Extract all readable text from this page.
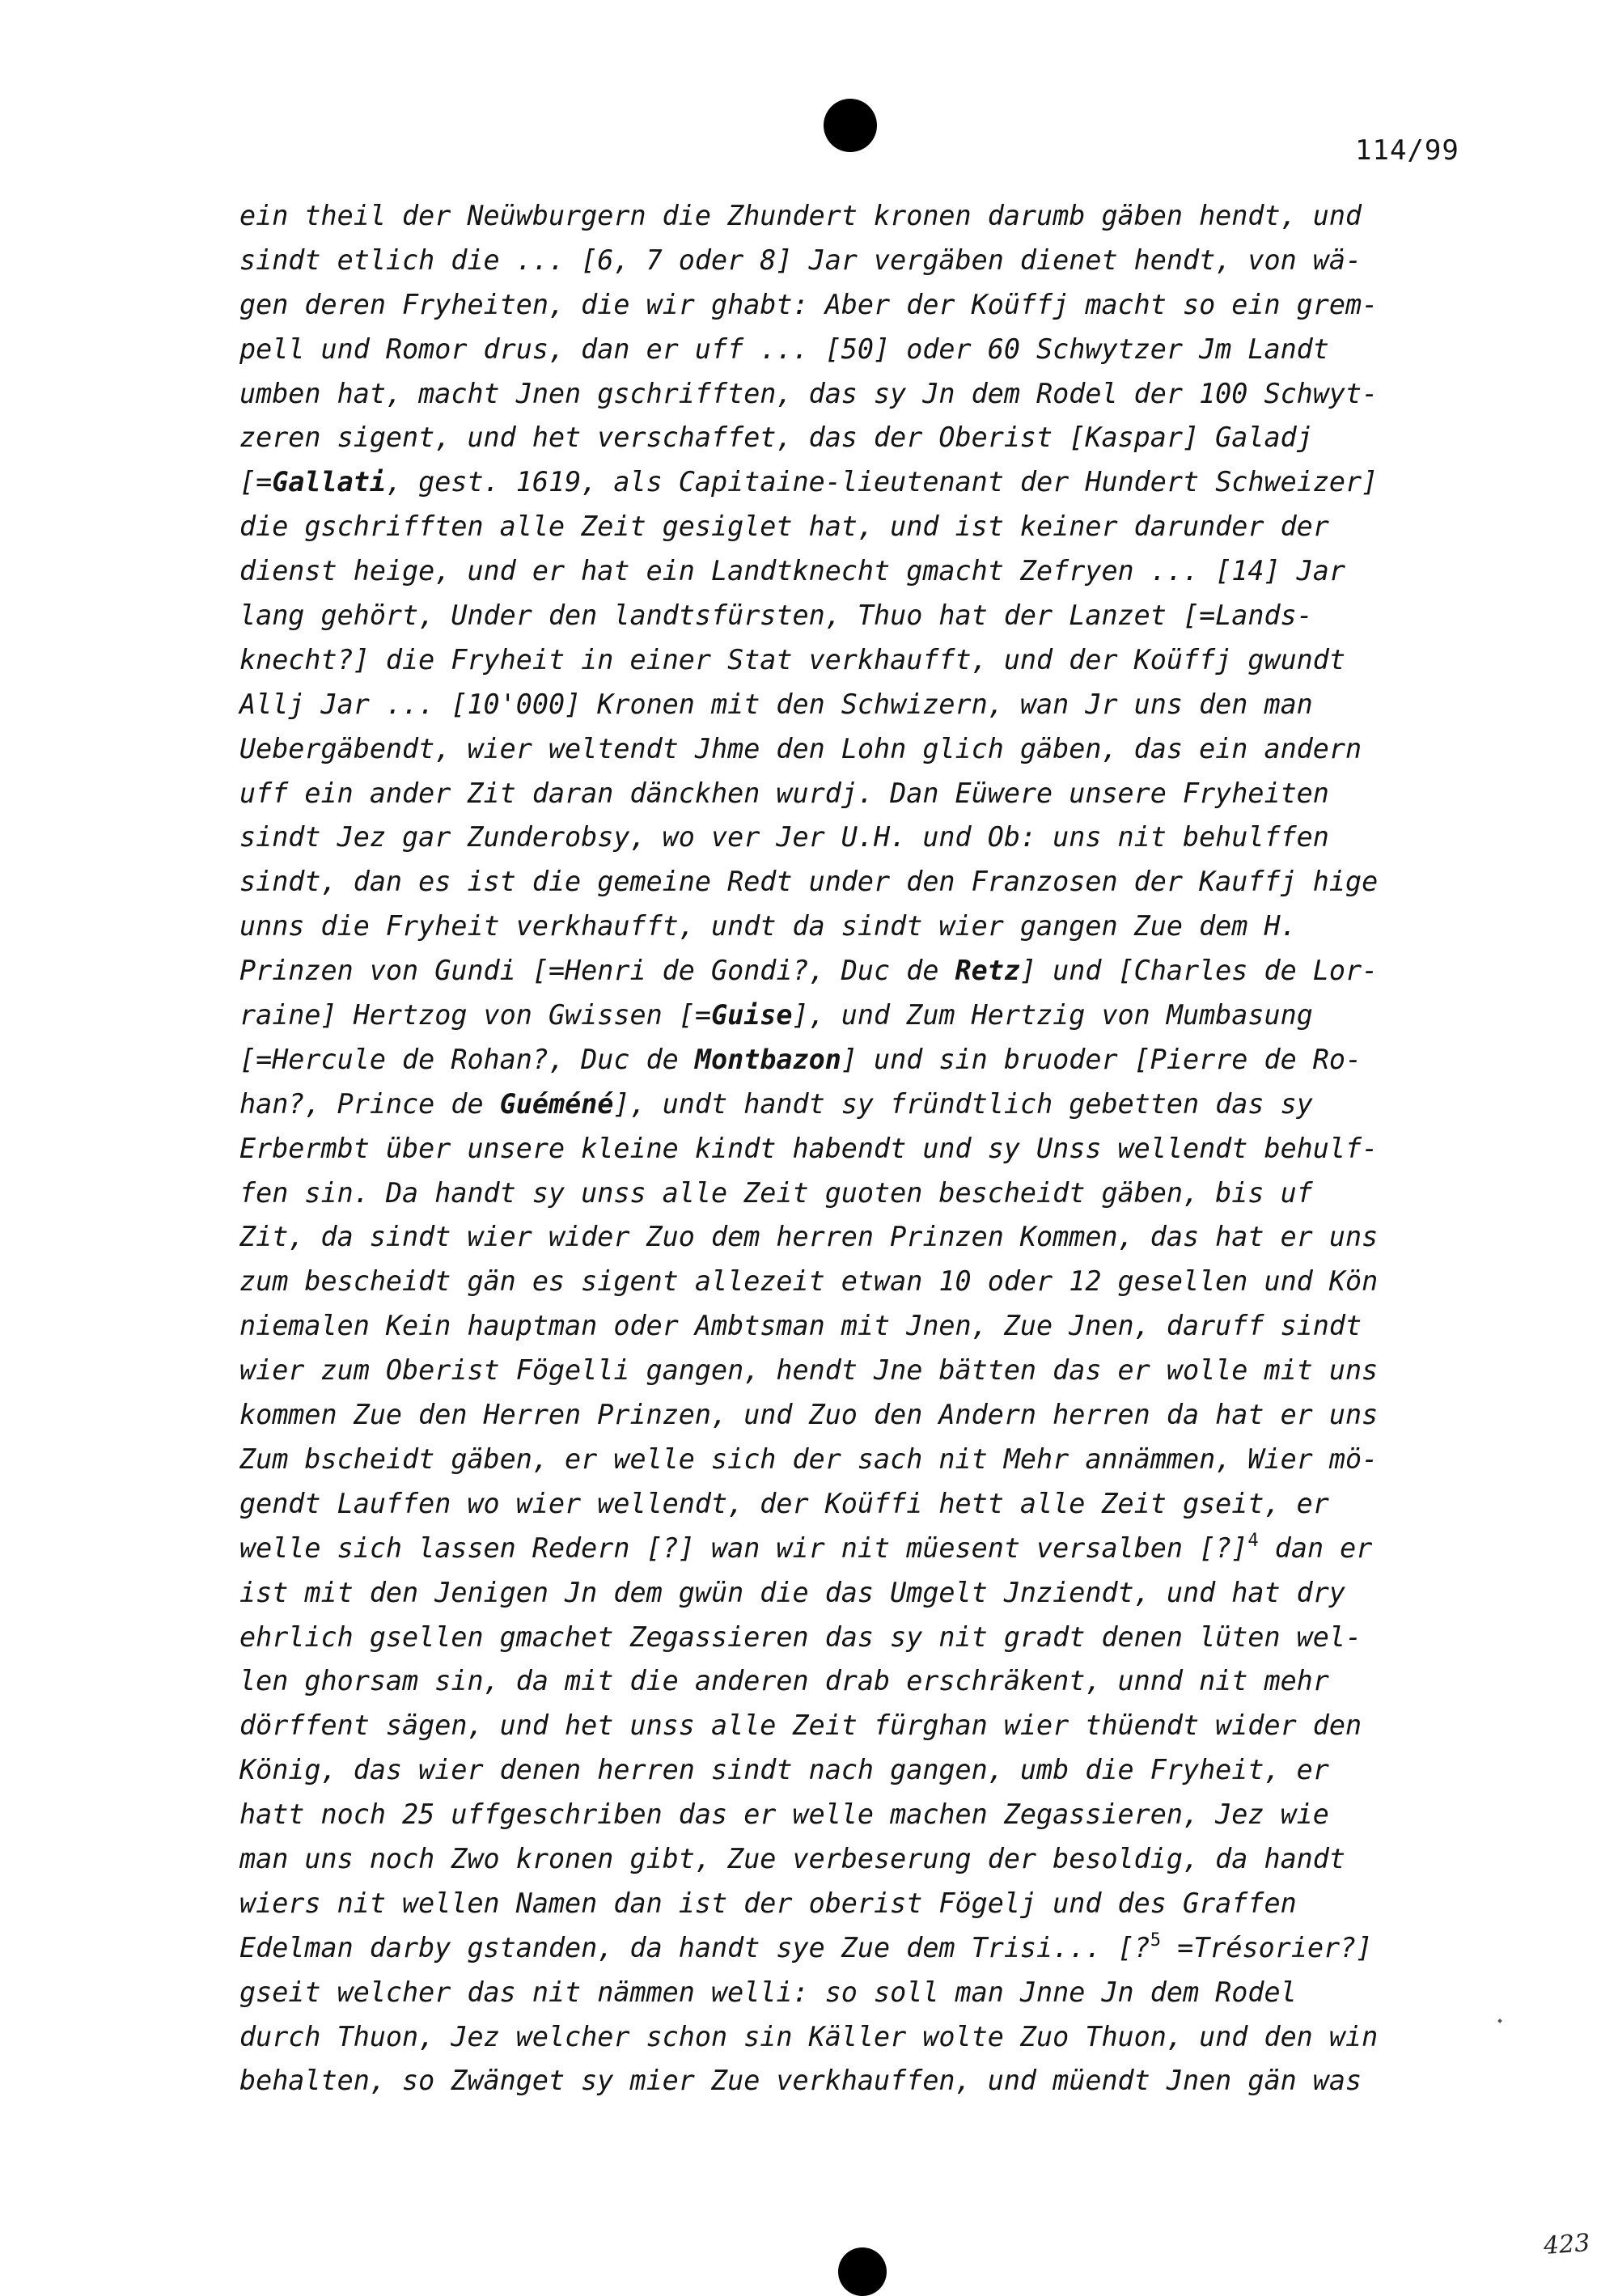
114/99
ein theil der Neüwburgern die Zhundert kronen darumb gäben hendt, und
sindt etlich die ... [6, 7 oder 8] Jar vergäben dienet hendt, von wä-
gen deren Fryheiten, die wir ghabt: Aber der Koüffj macht so ein grem-
pell und Romor drus, dan er uff ... [50] oder 60 Schwytzer Jm Landt
umben hat, macht Jnen gschrifften, das sy Jn dem Rodel der 100 Schwyt-
zeren sigent, und het verschaffet, das der Oberist [Kaspar] Galadj
[=Gallati, gest. 1619, als Capitaine-lieutenant der Hundert Schweizer]
die gschrifften alle Zeit gesiglet hat, und ist keiner darunder der
dienst heige, und er hat ein Landtknecht gmacht Zefryen ... [14] Jar
lang gehört, Under den landtsfürsten, Thuo hat der Lanzet [=Lands-
knecht?] die Fryheit in einer Stat verkhaufft, und der Koüffj gwundt
Allj Jar ... [10'000] Kronen mit den Schwizern, wan Jr uns den man
Uebergäbendt, wier weltendt Jhme den Lohn glich gäben, das ein andern
uff ein ander Zit daran dänckhen wurdj. Dan Eüwere unsere Fryheiten
sindt Jez gar Zunderobsy, wo ver Jer U.H. und Ob: uns nit behulffen
sindt, dan es ist die gemeine Redt under den Franzosen der Kauffj hige
unns die Fryheit verkhaufft, undt da sindt wier gangen Zue dem H.
Prinzen von Gundi [=Henri de Gondi?, Duc de Retz] und [Charles de Lor-
raine] Hertzog von Gwissen [=Guise], und Zum Hertzig von Mumbasung
[=Hercule de Rohan?, Duc de Montbazon] und sin bruoder [Pierre de Ro-
han?, Prince de Guéméné], undt handt sy fründtlich gebetten das sy
Erbermbt über unsere kleine kindt habendt und sy Unss wellendt behulf-
fen sin. Da handt sy unss alle Zeit guoten bescheidt gäben, bis uf
Zit, da sindt wier wider Zuo dem herren Prinzen Kommen, das hat er uns
zum bescheidt gän es sigent allezeit etwan 10 oder 12 gesellen und Kön
niemalen Kein hauptman oder Ambtsman mit Jnen, Zue Jnen, daruff sindt
wier zum Oberist Fögelli gangen, hendt Jne bätten das er wolle mit uns
kommen Zue den Herren Prinzen, und Zuo den Andern herren da hat er uns
Zum bscheidt gäben, er welle sich der sach nit Mehr annämmen, Wier mö-
gendt Lauffen wo wier wellendt, der Koüffi hett alle Zeit gseit, er
welle sich lassen Redern [?] wan wir nit müesent versalben [?]$^4$ dan er
ist mit den Jenigen Jn dem gwün die das Umgelt Jnziendt, und hat dry
ehrlich gsellen gmachet Zegassieren das sy nit gradt denen lüten wel-
len ghorsam sin, da mit die anderen drab erschräkent, unnd nit mehr
dörffent sägen, und het unss alle Zeit fürghan wier thüendt wider den
König, das wier denen herren sindt nach gangen, umb die Fryheit, er
hatt noch 25 uffgeschriben das er welle machen Zegassieren, Jez wie
man uns noch Zwo kronen gibt, Zue verbeserung der besoldig, da handt
wiers nit wellen Namen dan ist der oberist Fögelj und des Graffen
Edelman darby gstanden, da handt sye Zue dem Trisi... [?$^5$ =Trésorier?]
gseit welcher das nit nämmen welli: so soll man Jnne Jn dem Rodel
durch Thuon, Jez welcher schon sin Käller wolte Zuo Thuon, und den win
behalten, so Zwänget sy mier Zue verkhauffen, und müendt Jnen gän was
423
